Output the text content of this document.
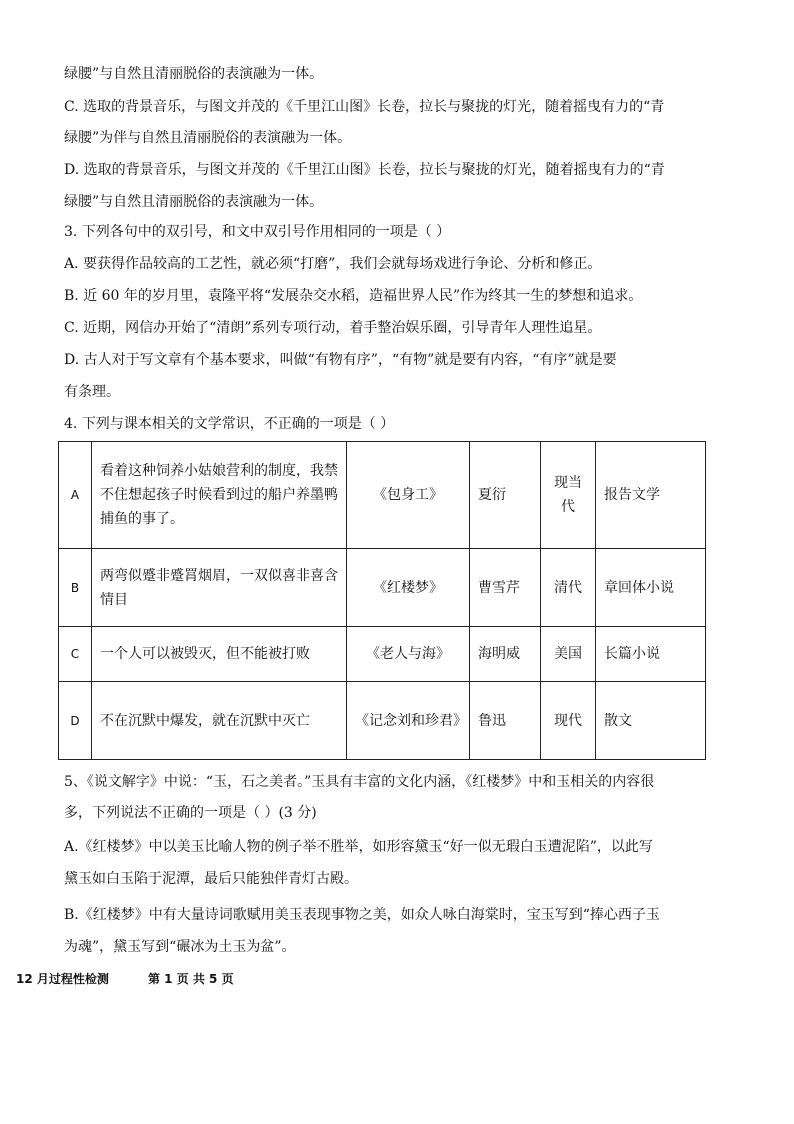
绿腰”与自然且清丽脱俗的表演融为一体。
C. 选取的背景音乐，与图文并茂的《千里江山图》长卷，拉长与聚拢的灯光，随着摇曳有力的“青
绿腰”为伴与自然且清丽脱俗的表演融为一体。
D. 选取的背景音乐，与图文并茂的《千里江山图》长卷，拉长与聚拢的灯光，随着摇曳有力的“青
绿腰”与自然且清丽脱俗的表演融为一体。
3. 下列各句中的双引号，和文中双引号作用相同的一项是（ ）
A. 要获得作品较高的工艺性，就必须“打磨”，我们会就每场戏进行争论、分析和修正。
B. 近 60 年的岁月里，袁隆平将“发展杂交水稻，造福世界人民”作为终其一生的梦想和追求。
C. 近期，网信办开始了“清朗”系列专项行动，着手整治娱乐圈，引导青年人理性追星。
D. 古人对于写文章有个基本要求，叫做“有物有序”，“有物”就是要有内容，“有序”就是要
有条理。
4. 下列与课本相关的文学常识，不正确的一项是（ ）
A	看着这种饲养小姑娘营利的制度，我禁不住想起孩子时候看到过的船户养墨鸭捕鱼的事了。	《包身工》	夏衍	现当代	报告文学
B	两弯似蹙非蹙罥烟眉，一双似喜非喜含情目	《红楼梦》	曹雪芹	清代	章回体小说
C	一个人可以被毁灭，但不能被打败	《老人与海》	海明威	美国	长篇小说
D	不在沉默中爆发，就在沉默中灭亡	《记念刘和珍君》	鲁迅	现代	散文
5、《说文解字》中说：“玉，石之美者。”玉具有丰富的文化内涵，《红楼梦》中和玉相关的内容很
多，下列说法不正确的一项是（ ）(3 分)
A.《红楼梦》中以美玉比喻人物的例子举不胜举，如形容黛玉“好一似无瑕白玉遭泥陷”，以此写
黛玉如白玉陷于泥潭，最后只能独伴青灯古殿。
B.《红楼梦》中有大量诗词歌赋用美玉表现事物之美，如众人咏白海棠时，宝玉写到“捧心西子玉
为魂”，黛玉写到“碾冰为土玉为盆”。
12 月过程性检测	第 1 页 共 5 页
